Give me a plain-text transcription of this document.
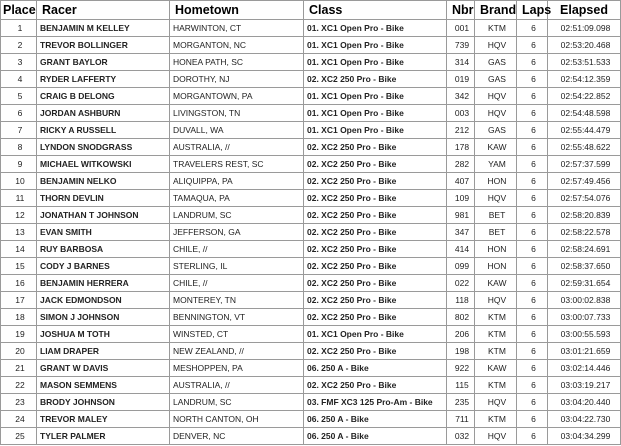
Place	Racer	Hometown	Class	Nbr	Brand	Laps	Elapsed
1	BENJAMIN M KELLEY	HARWINTON, CT	01. XC1 Open Pro - Bike	001	KTM	6	02:51:09.098
2	TREVOR BOLLINGER	MORGANTON, NC	01. XC1 Open Pro - Bike	739	HQV	6	02:53:20.468
3	GRANT BAYLOR	HONEA PATH, SC	01. XC1 Open Pro - Bike	314	GAS	6	02:53:51.533
4	RYDER LAFFERTY	DOROTHY, NJ	02. XC2 250 Pro - Bike	019	GAS	6	02:54:12.359
5	CRAIG B DELONG	MORGANTOWN, PA	01. XC1 Open Pro - Bike	342	HQV	6	02:54:22.852
6	JORDAN ASHBURN	LIVINGSTON, TN	01. XC1 Open Pro - Bike	003	HQV	6	02:54:48.598
7	RICKY A RUSSELL	DUVALL, WA	01. XC1 Open Pro - Bike	212	GAS	6	02:55:44.479
8	LYNDON SNODGRASS	AUSTRALIA, //	02. XC2 250 Pro - Bike	178	KAW	6	02:55:48.622
9	MICHAEL WITKOWSKI	TRAVELERS REST, SC	02. XC2 250 Pro - Bike	282	YAM	6	02:57:37.599
10	BENJAMIN NELKO	ALIQUIPPA, PA	02. XC2 250 Pro - Bike	407	HON	6	02:57:49.456
11	THORN DEVLIN	TAMAQUA, PA	02. XC2 250 Pro - Bike	109	HQV	6	02:57:54.076
12	JONATHAN T JOHNSON	LANDRUM, SC	02. XC2 250 Pro - Bike	981	BET	6	02:58:20.839
13	EVAN SMITH	JEFFERSON, GA	02. XC2 250 Pro - Bike	347	BET	6	02:58:22.578
14	RUY BARBOSA	CHILE, //	02. XC2 250 Pro - Bike	414	HON	6	02:58:24.691
15	CODY J BARNES	STERLING, IL	02. XC2 250 Pro - Bike	099	HON	6	02:58:37.650
16	BENJAMIN HERRERA	CHILE, //	02. XC2 250 Pro - Bike	022	KAW	6	02:59:31.654
17	JACK EDMONDSON	MONTEREY, TN	02. XC2 250 Pro - Bike	118	HQV	6	03:00:02.838
18	SIMON J JOHNSON	BENNINGTON, VT	02. XC2 250 Pro - Bike	802	KTM	6	03:00:07.733
19	JOSHUA M TOTH	WINSTED, CT	01. XC1 Open Pro - Bike	206	KTM	6	03:00:55.593
20	LIAM DRAPER	NEW ZEALAND, //	02. XC2 250 Pro - Bike	198	KTM	6	03:01:21.659
21	GRANT W DAVIS	MESHOPPEN, PA	06. 250 A - Bike	922	KAW	6	03:02:14.446
22	MASON SEMMENS	AUSTRALIA, //	02. XC2 250 Pro - Bike	115	KTM	6	03:03:19.217
23	BRODY JOHNSON	LANDRUM, SC	03. FMF XC3 125 Pro-Am - Bike	235	HQV	6	03:04:20.440
24	TREVOR MALEY	NORTH CANTON, OH	06. 250 A - Bike	711	KTM	6	03:04:22.730
25	TYLER PALMER	DENVER, NC	06. 250 A - Bike	032	HQV	6	03:04:34.299
